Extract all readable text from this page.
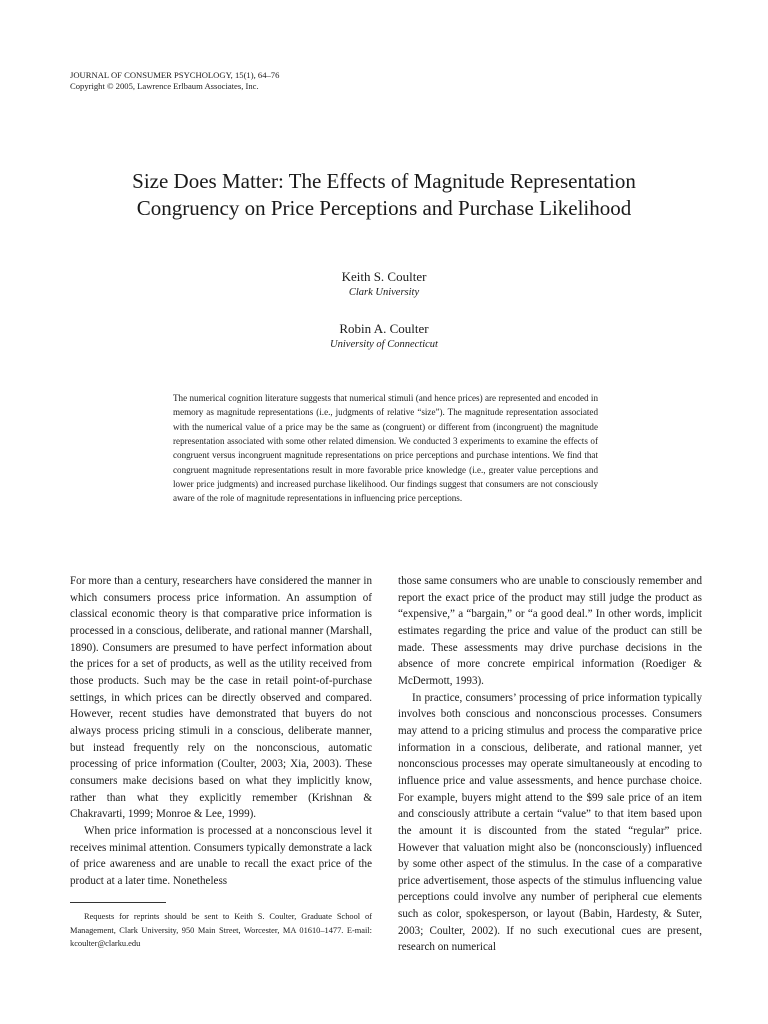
JOURNAL OF CONSUMER PSYCHOLOGY, 15(1), 64–76
Copyright © 2005, Lawrence Erlbaum Associates, Inc.
Size Does Matter: The Effects of Magnitude Representation Congruency on Price Perceptions and Purchase Likelihood
Keith S. Coulter
Clark University
Robin A. Coulter
University of Connecticut

The numerical cognition literature suggests that numerical stimuli (and hence prices) are represented and encoded in memory as magnitude representations (i.e., judgments of relative “size”). The magnitude representation associated with the numerical value of a price may be the same as (congruent) or different from (incongruent) the magnitude representation associated with some other related dimension. We conducted 3 experiments to examine the effects of congruent versus incongruent magnitude representations on price perceptions and purchase intentions. We find that congruent magnitude representations result in more favorable price knowledge (i.e., greater value perceptions and lower price judgments) and increased purchase likelihood. Our findings suggest that consumers are not consciously aware of the role of magnitude representations in influencing price perceptions.

For more than a century, researchers have considered the manner in which consumers process price information. An assumption of classical economic theory is that comparative price information is processed in a conscious, deliberate, and rational manner (Marshall, 1890). Consumers are presumed to have perfect information about the prices for a set of products, as well as the utility received from those products. Such may be the case in retail point-of-purchase settings, in which prices can be directly observed and compared. However, recent studies have demonstrated that buyers do not always process pricing stimuli in a conscious, deliberate manner, but instead frequently rely on the nonconscious, automatic processing of price information (Coulter, 2003; Xia, 2003). These consumers make decisions based on what they implicitly know, rather than what they explicitly remember (Krishnan & Chakravarti, 1999; Monroe & Lee, 1999).

When price information is processed at a nonconscious level it receives minimal attention. Consumers typically demonstrate a lack of price awareness and are unable to recall the exact price of the product at a later time. Nonetheless

those same consumers who are unable to consciously remember and report the exact price of the product may still judge the product as “expensive,” a “bargain,” or “a good deal.” In other words, implicit estimates regarding the price and value of the product can still be made. These assessments may drive purchase decisions in the absence of more concrete empirical information (Roediger & McDermott, 1993).

In practice, consumers’ processing of price information typically involves both conscious and nonconscious processes. Consumers may attend to a pricing stimulus and process the comparative price information in a conscious, deliberate, and rational manner, yet nonconscious processes may operate simultaneously at encoding to influence price and value assessments, and hence purchase choice. For example, buyers might attend to the $99 sale price of an item and consciously attribute a certain “value” to that item based upon the amount it is discounted from the stated “regular” price. However that valuation might also be (nonconsciously) influenced by some other aspect of the stimulus. In the case of a comparative price advertisement, those aspects of the stimulus influencing value perceptions could involve any number of peripheral cue elements such as color, spokesperson, or layout (Babin, Hardesty, & Suter, 2003; Coulter, 2002). If no such executional cues are present, research on numerical

Requests for reprints should be sent to Keith S. Coulter, Graduate School of Management, Clark University, 950 Main Street, Worcester, MA 01610–1477. E-mail: kcoulter@clarku.edu
